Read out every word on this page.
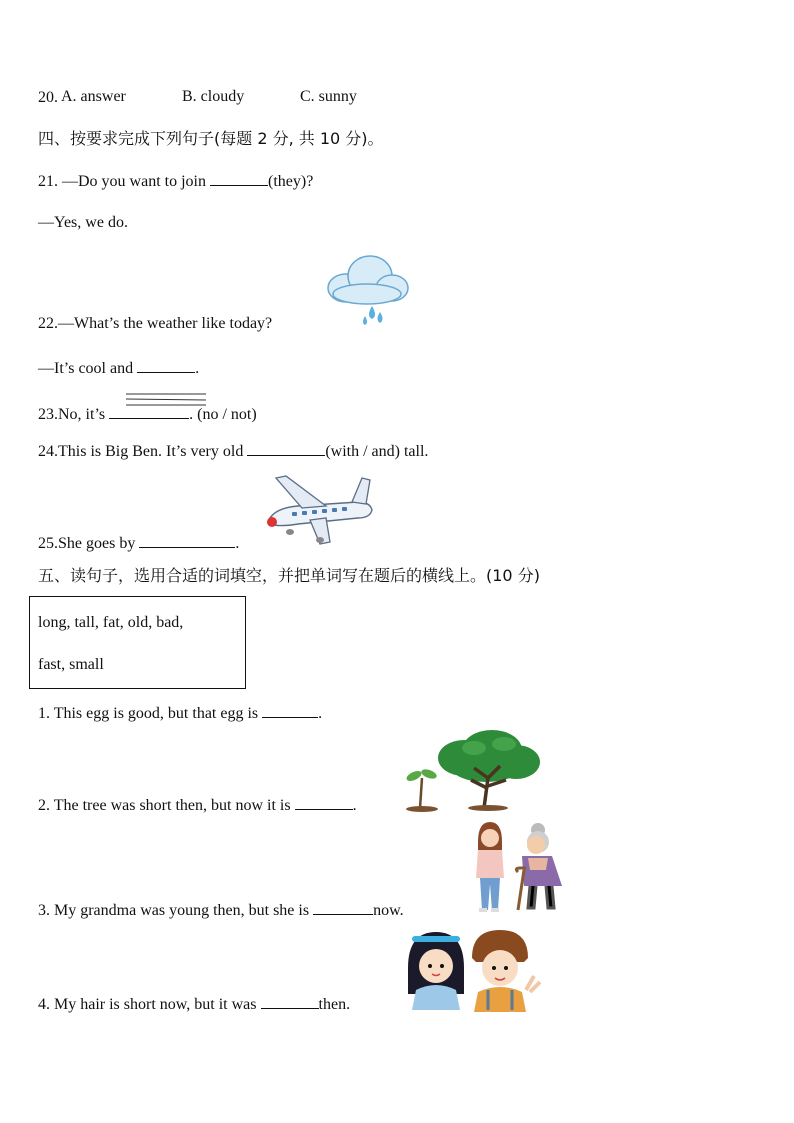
20. A. answer	B. cloudy	C. sunny
四、按要求完成下列句子(每题 2 分, 共 10 分)。
21. —Do you want to join	(they)?
—Yes, we do.
22.—What’s the weather like today?
—It’s cool and	.
23.No, it’s	. (no / not)
24.This is Big Ben. It’s very old	(with / and) tall.
25.She goes by	.
五、读句子，选用合适的词填空，并把单词写在题后的横线上。(10 分)
long, tall, fat, old, bad,
fast, small
1. This egg is good, but that egg is	.
2. The tree was short then, but now it is	.
3. My grandma was young then, but she is	now.
4. My hair is short now, but it was	then.
